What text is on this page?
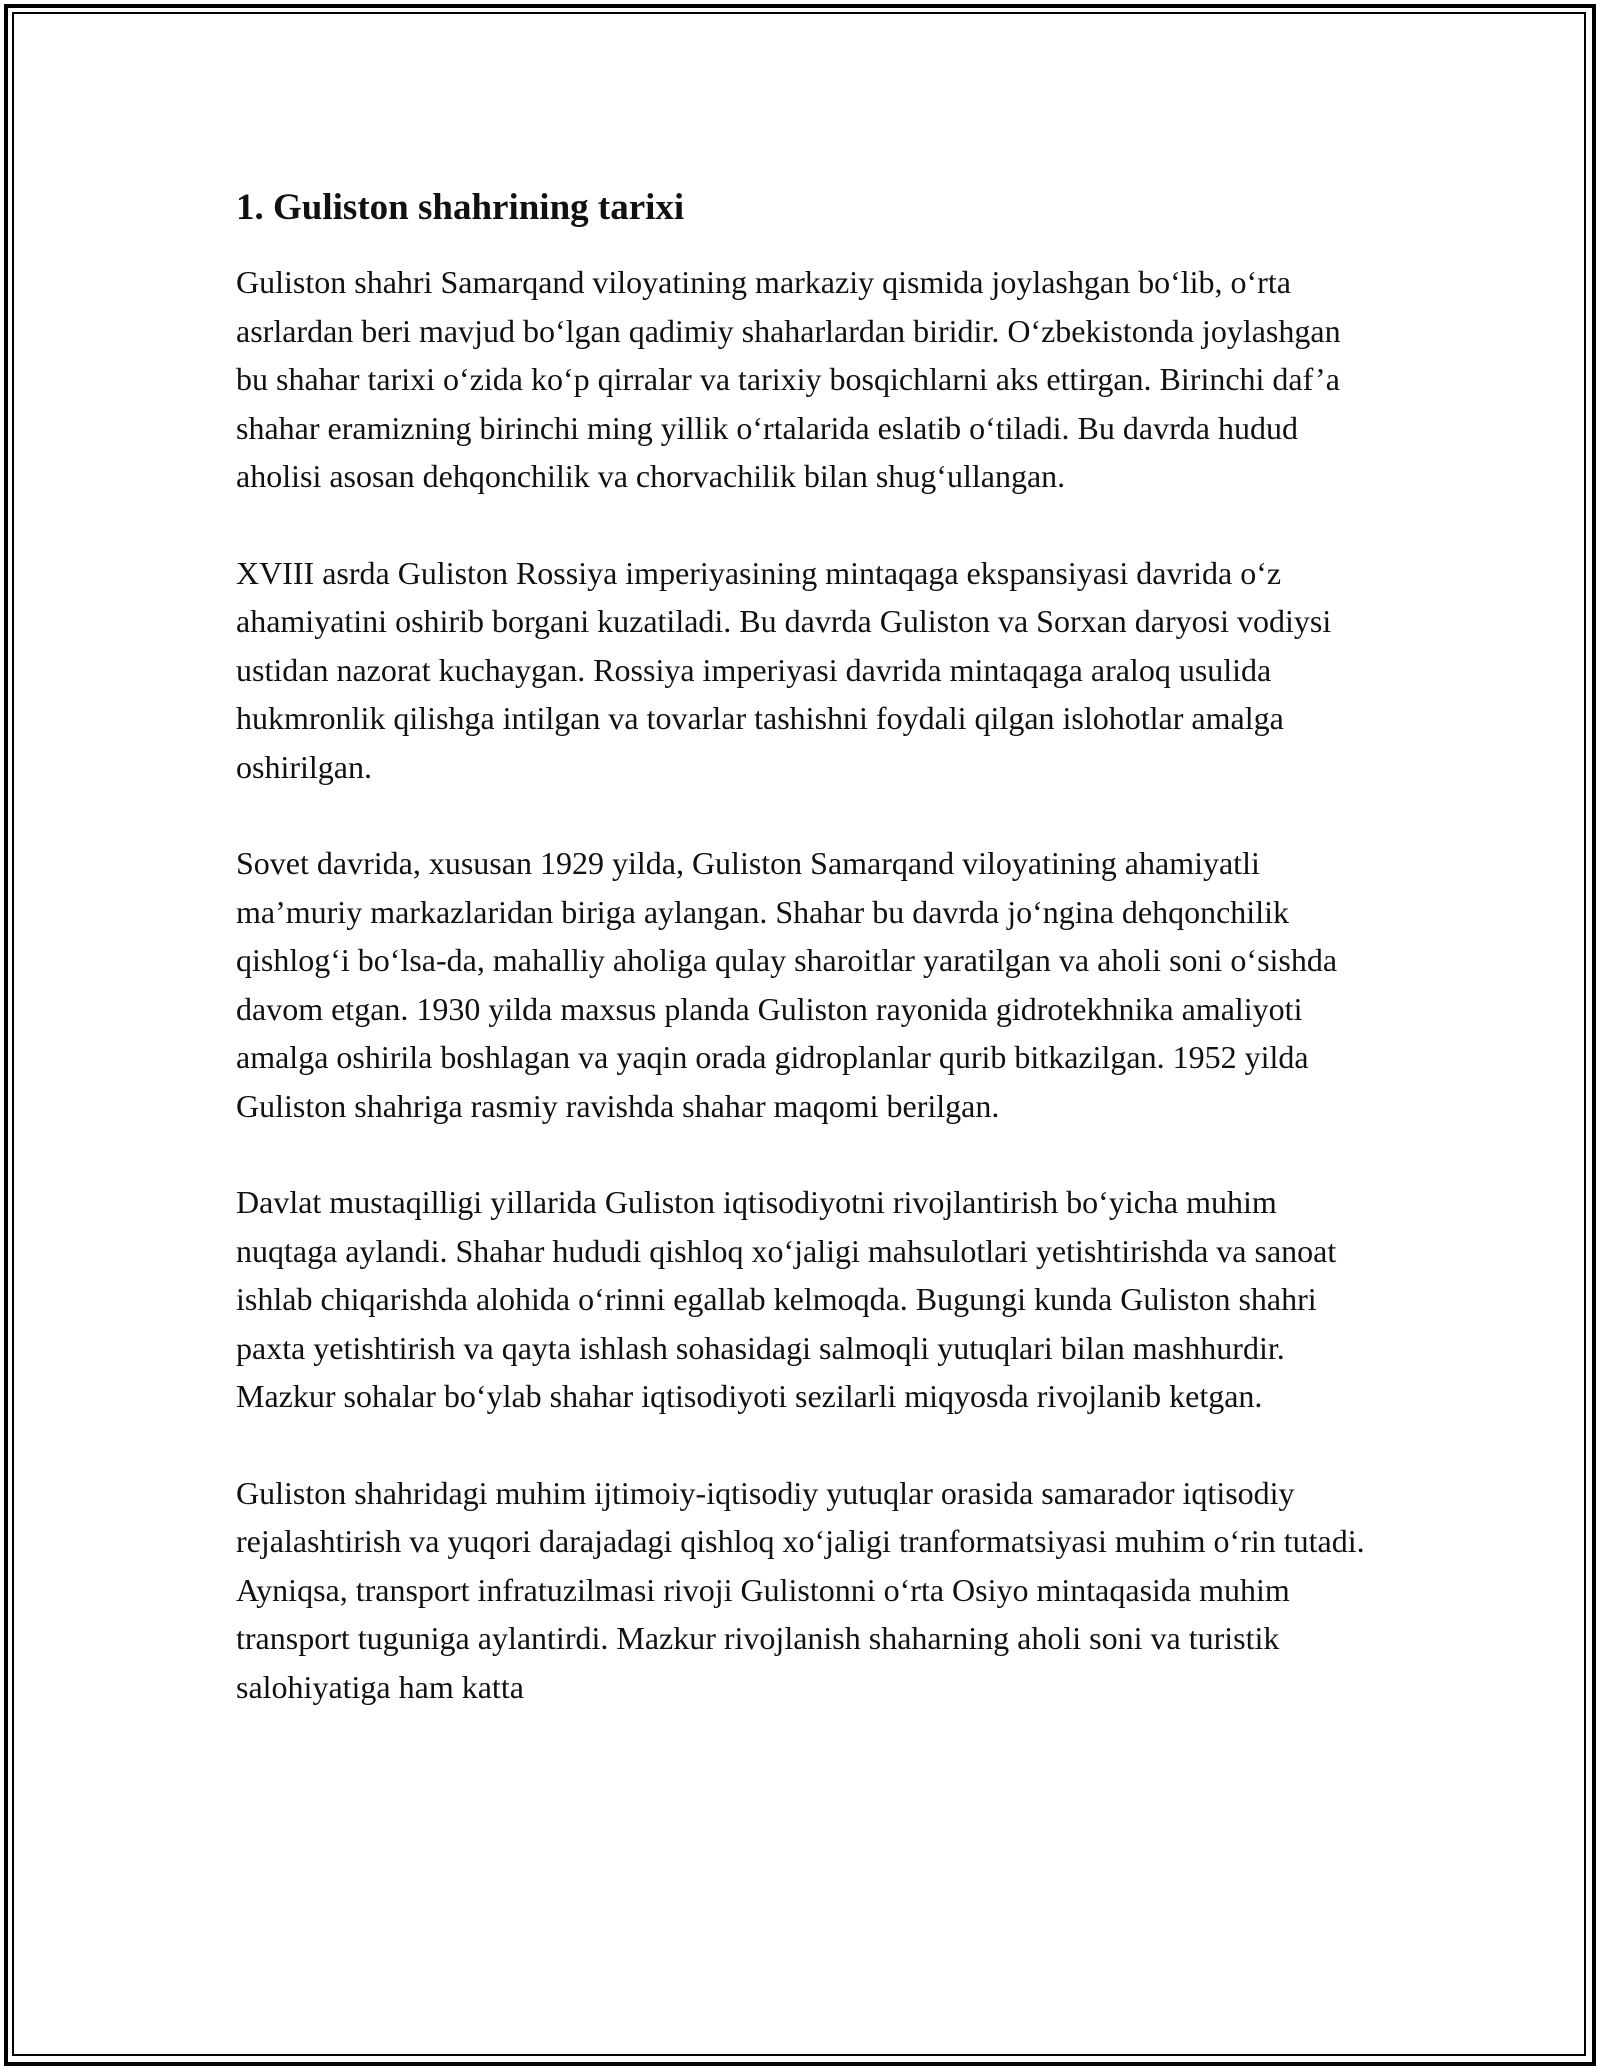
1. Guliston shahrining tarixi

Guliston shahri Samarqand viloyatining markaziy qismida joylashgan bo‘lib, o‘rta asrlardan beri mavjud bo‘lgan qadimiy shaharlardan biridir. O‘zbekistonda joylashgan bu shahar tarixi o‘zida ko‘p qirralar va tarixiy bosqichlarni aks ettirgan. Birinchi daf’a shahar eramizning birinchi ming yillik o‘rtalarida eslatib o‘tiladi. Bu davrda hudud aholisi asosan dehqonchilik va chorvachilik bilan shug‘ullangan.

XVIII asrda Guliston Rossiya imperiyasining mintaqaga ekspansiyasi davrida o‘z ahamiyatini oshirib borgani kuzatiladi. Bu davrda Guliston va Sorxan daryosi vodiysi ustidan nazorat kuchaygan. Rossiya imperiyasi davrida mintaqaga araloq usulida hukmronlik qilishga intilgan va tovarlar tashishni foydali qilgan islohotlar amalga oshirilgan.

Sovet davrida, xususan 1929 yilda, Guliston Samarqand viloyatining ahamiyatli ma’muriy markazlaridan biriga aylangan. Shahar bu davrda jo‘ngina dehqonchilik qishlog‘i bo‘lsa-da, mahalliy aholiga qulay sharoitlar yaratilgan va aholi soni o‘sishda davom etgan. 1930 yilda maxsus planda Guliston rayonida gidrotekhnika amaliyoti amalga oshirila boshlagan va yaqin orada gidroplanlar qurib bitkazilgan. 1952 yilda Guliston shahriga rasmiy ravishda shahar maqomi berilgan.

Davlat mustaqilligi yillarida Guliston iqtisodiyotni rivojlantirish bo‘yicha muhim nuqtaga aylandi. Shahar hududi qishloq xo‘jaligi mahsulotlari yetishtirishda va sanoat ishlab chiqarishda alohida o‘rinni egallab kelmoqda. Bugungi kunda Guliston shahri paxta yetishtirish va qayta ishlash sohasidagi salmoqli yutuqlari bilan mashhurdir. Mazkur sohalar bo‘ylab shahar iqtisodiyoti sezilarli miqyosda rivojlanib ketgan.

Guliston shahridagi muhim ijtimoiy-iqtisodiy yutuqlar orasida samarador iqtisodiy rejalashtirish va yuqori darajadagi qishloq xo‘jaligi tranformatsiyasi muhim o‘rin tutadi. Ayniqsa, transport infratuzilmasi rivoji Gulistonni o‘rta Osiyo mintaqasida muhim transport tuguniga aylantirdi. Mazkur rivojlanish shaharning aholi soni va turistik salohiyatiga ham katta
